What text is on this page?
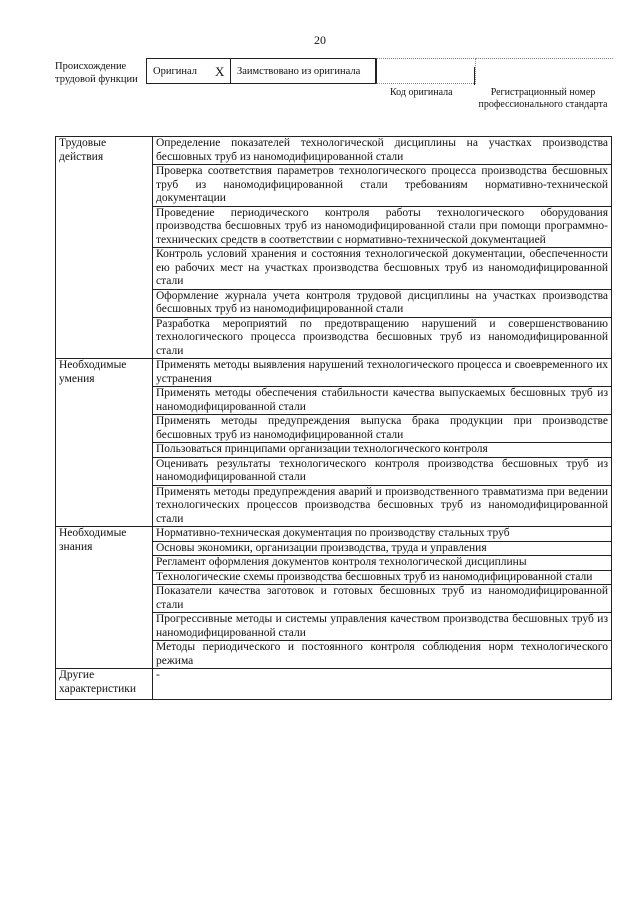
20
Происхождение трудовой функции
Оригинал X	Заимствовано из оригинала
Код оригинала	Регистрационный номер профессионального стандарта
Трудовые действия	Определение показателей технологической дисциплины на участках производства бесшовных труб из наномодифицированной стали
	Проверка соответствия параметров технологического процесса производства бесшовных труб из наномодифицированной стали требованиям нормативно-технической документации
	Проведение периодического контроля работы технологического оборудования производства бесшовных труб из наномодифицированной стали при помощи программно-технических средств в соответствии с нормативно-технической документацией
	Контроль условий хранения и состояния технологической документации, обеспеченности ею рабочих мест на участках производства бесшовных труб из наномодифицированной стали
	Оформление журнала учета контроля трудовой дисциплины на участках производства бесшовных труб из наномодифицированной стали
	Разработка мероприятий по предотвращению нарушений и совершенствованию технологического процесса производства бесшовных труб из наномодифицированной стали
Необходимые умения	Применять методы выявления нарушений технологического процесса и своевременного их устранения
	Применять методы обеспечения стабильности качества выпускаемых бесшовных труб из наномодифицированной стали
	Применять методы предупреждения выпуска брака продукции при производстве бесшовных труб из наномодифицированной стали
	Пользоваться принципами организации технологического контроля
	Оценивать результаты технологического контроля производства бесшовных труб из наномодифицированной стали
	Применять методы предупреждения аварий и производственного травматизма при ведении технологических процессов производства бесшовных труб из наномодифицированной стали
Необходимые знания	Нормативно-техническая документация по производству стальных труб
	Основы экономики, организации производства, труда и управления
	Регламент оформления документов контроля технологической дисциплины
	Технологические схемы производства бесшовных труб из наномодифицированной стали
	Показатели качества заготовок и готовых бесшовных труб из наномодифицированной стали
	Прогрессивные методы и системы управления качеством производства бесшовных труб из наномодифицированной стали
	Методы периодического и постоянного контроля соблюдения норм технологического режима
Другие характеристики	-
